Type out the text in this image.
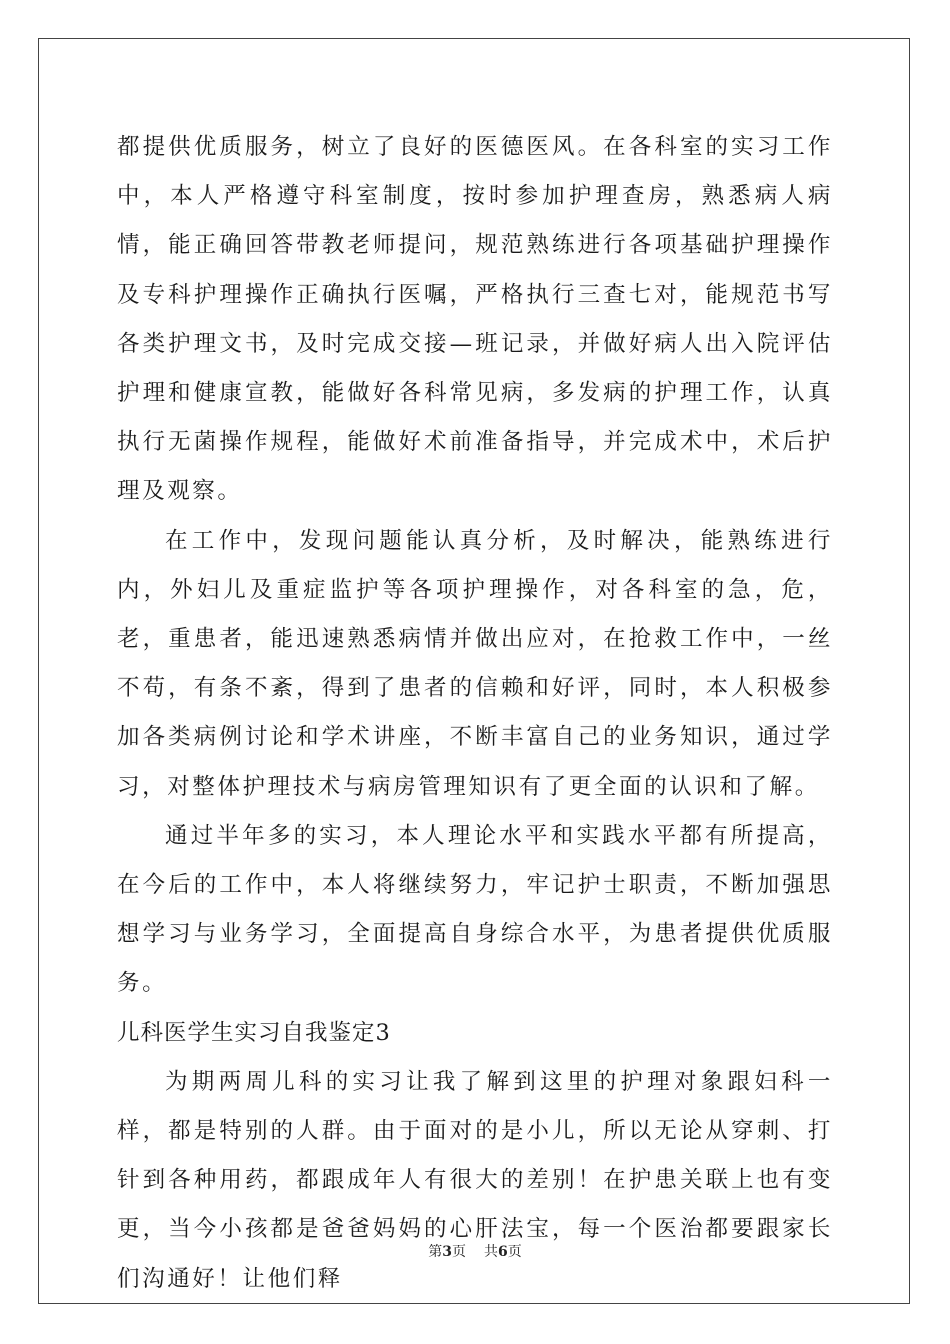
都提供优质服务，树立了良好的医德医风。在各科室的实习工作中，本人严格遵守科室制度，按时参加护理查房，熟悉病人病情，能正确回答带教老师提问，规范熟练进行各项基础护理操作及专科护理操作正确执行医嘱，严格执行三查七对，能规范书写各类护理文书，及时完成交接—班记录，并做好病人出入院评估护理和健康宣教，能做好各科常见病，多发病的护理工作，认真执行无菌操作规程，能做好术前准备指导，并完成术中，术后护理及观察。

在工作中，发现问题能认真分析，及时解决，能熟练进行内，外妇儿及重症监护等各项护理操作，对各科室的急，危，老，重患者，能迅速熟悉病情并做出应对，在抢救工作中，一丝不苟，有条不紊，得到了患者的信赖和好评，同时，本人积极参加各类病例讨论和学术讲座，不断丰富自己的业务知识，通过学习，对整体护理技术与病房管理知识有了更全面的认识和了解。

通过半年多的实习，本人理论水平和实践水平都有所提高，在今后的工作中，本人将继续努力，牢记护士职责，不断加强思想学习与业务学习，全面提高自身综合水平，为患者提供优质服务。

儿科医学生实习自我鉴定3

为期两周儿科的实习让我了解到这里的护理对象跟妇科一样，都是特别的人群。由于面对的是小儿，所以无论从穿刺、打针到各种用药，都跟成年人有很大的差别！在护患关联上也有变更，当今小孩都是爸爸妈妈的心肝法宝，每一个医治都要跟家长们沟通好！让他们释

第3页 共6页
